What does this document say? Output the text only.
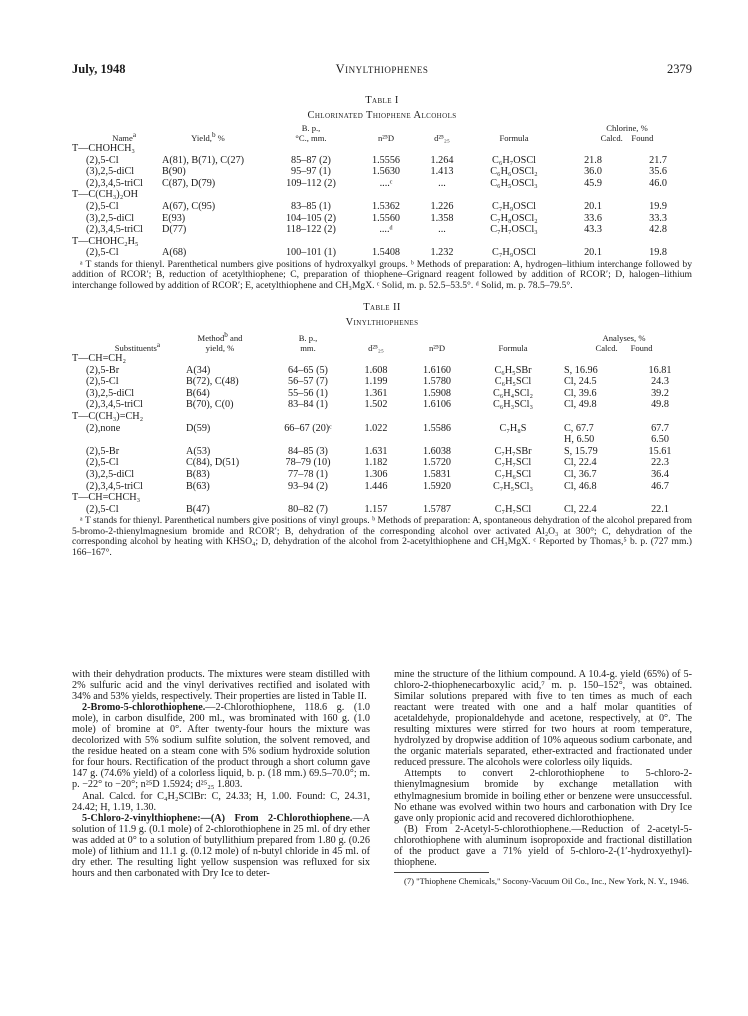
July, 1948	Vinylthiophenes	2379
Table I
Chlorinated Thiophene Alcohols
Name$^a$	Yield,$^b$ %	B. p.,
°C., mm.	n²⁵D	d²⁵₂₅	Formula	Chlorine, %
Calcd. Found	
T—CHOHCH₃							
(2),5-Cl	A(81), B(71), C(27)	85–87 (2)	1.5556	1.264	C₆H₇OSCl	21.8	21.7
(3),2,5-diCl	B(90)	95–97 (1)	1.5630	1.413	C₆H₆OSCl₂	36.0	35.6
(2),3,4,5-triCl	C(87), D(79)	109–112 (2)	....ᶜ	...	C₆H₅OSCl₃	45.9	46.0
T—C(CH₃)₂OH							
(2),5-Cl	A(67), C(95)	83–85 (1)	1.5362	1.226	C₇H₉OSCl	20.1	19.9
(3),2,5-diCl	E(93)	104–105 (2)	1.5560	1.358	C₇H₈OSCl₂	33.6	33.3
(2),3,4,5-triCl	D(77)	118–122 (2)	....ᵈ	...	C₇H₇OSCl₃	43.3	42.8
T—CHOHC₂H₅							
(2),5-Cl	A(68)	100–101 (1)	1.5408	1.232	C₇H₉OSCl	20.1	19.8
ᵃ T stands for thienyl. Parenthetical numbers give positions of hydroxyalkyl groups. ᵇ Methods of preparation: A, hydrogen–lithium interchange followed by addition of RCOR′; B, reduction of acetylthiophene; C, preparation of thiophene–Grignard reagent followed by addition of RCOR′; D, halogen–lithium interchange followed by addition of RCOR′; E, acetylthiophene and CH₃MgX. ᶜ Solid, m. p. 52.5–53.5°. ᵈ Solid, m. p. 78.5–79.5°.
Table II
Vinylthiophenes
Substituents$^a$	Method$^b$ and
yield, %	B. p.,
mm.	d²⁵₂₅	n²⁵D	Formula	Analyses, %
Calcd. Found	
T—CH=CH₂							
(2),5-Br	A(34)	64–65 (5)	1.608	1.6160	C₆H₅SBr	S, 16.96	16.81
(2),5-Cl	B(72), C(48)	56–57 (7)	1.199	1.5780	C₆H₅SCl	Cl, 24.5	24.3
(3),2,5-diCl	B(64)	55–56 (1)	1.361	1.5908	C₆H₄SCl₂	Cl, 39.6	39.2
(2),3,4,5-triCl	B(70), C(0)	83–84 (1)	1.502	1.6106	C₆H₃SCl₃	Cl, 49.8	49.8
T—C(CH₃)=CH₂							
(2),none	D(59)	66–67 (20)ᶜ	1.022	1.5586	C₇H₈S	C, 67.7	67.7
						H, 6.50	6.50
(2),5-Br	A(53)	84–85 (3)	1.631	1.6038	C₇H₇SBr	S, 15.79	15.61
(2),5-Cl	C(84), D(51)	78–79 (10)	1.182	1.5720	C₇H₇SCl	Cl, 22.4	22.3
(3),2,5-diCl	B(83)	77–78 (1)	1.306	1.5831	C₇H₆SCl	Cl, 36.7	36.4
(2),3,4,5-triCl	B(63)	93–94 (2)	1.446	1.5920	C₇H₅SCl₃	Cl, 46.8	46.7
T—CH=CHCH₃							
(2),5-Cl	B(47)	80–82 (7)	1.157	1.5787	C₇H₇SCl	Cl, 22.4	22.1
ᵃ T stands for thienyl. Parenthetical numbers give positions of vinyl groups. ᵇ Methods of preparation: A, spontaneous dehydration of the alcohol prepared from 5-bromo-2-thienylmagnesium bromide and RCOR′; B, dehydration of the corresponding alcohol over activated Al₂O₃ at 300°; C, dehydration of the corresponding alcohol by heating with KHSO₄; D, dehydration of the alcohol from 2-acetylthiophene and CH₃MgX. ᶜ Reported by Thomas,⁵ b. p. (727 mm.) 166–167°.

with their dehydration products. The mixtures were steam distilled with 2% sulfuric acid and the vinyl derivatives rectified and isolated with 34% and 53% yields, respectively. Their properties are listed in Table II.

2-Bromo-5-chlorothiophene.—2-Chlorothiophene, 118.6 g. (1.0 mole), in carbon disulfide, 200 ml., was brominated with 160 g. (1.0 mole) of bromine at 0°. After twenty-four hours the mixture was decolorized with 5% sodium sulfite solution, the solvent removed, and the residue heated on a steam cone with 5% sodium hydroxide solution for four hours. Rectification of the product through a short column gave 147 g. (74.6% yield) of a colorless liquid, b. p. (18 mm.) 69.5–70.0°; m. p. −22° to −20°; n²⁵D 1.5924; d²⁵₂₅ 1.803.

Anal. Calcd. for C₄H₂SClBr: C, 24.33; H, 1.00. Found: C, 24.31, 24.42; H, 1.19, 1.30.

5-Chloro-2-vinylthiophene:—(A) From 2-Chlorothiophene.—A solution of 11.9 g. (0.1 mole) of 2-chlorothiophene in 25 ml. of dry ether was added at 0° to a solution of butyllithium prepared from 1.80 g. (0.26 mole) of lithium and 11.1 g. (0.12 mole) of n-butyl chloride in 45 ml. of dry ether. The resulting light yellow suspension was refluxed for six hours and then carbonated with Dry Ice to deter-

mine the structure of the lithium compound. A 10.4-g. yield (65%) of 5-chloro-2-thiophenecarboxylic acid,⁷ m. p. 150–152°, was obtained. Similar solutions prepared with five to ten times as much of each reactant were treated with one and a half molar quantities of acetaldehyde, propionaldehyde and acetone, respectively, at 0°. The resulting mixtures were stirred for two hours at room temperature, hydrolyzed by dropwise addition of 10% aqueous sodium carbonate, and the organic materials separated, ether-extracted and fractionated under reduced pressure. The alcohols were colorless oily liquids.

Attempts to convert 2-chlorothiophene to 5-chloro-2-thienylmagnesium bromide by exchange metallation with ethylmagnesium bromide in boiling ether or benzene were unsuccessful. No ethane was evolved within two hours and carbonation with Dry Ice gave only propionic acid and recovered dichlorothiophene.

(B) From 2-Acetyl-5-chlorothiophene.—Reduction of 2-acetyl-5-chlorothiophene with aluminum isopropoxide and fractional distillation of the product gave a 71% yield of 5-chloro-2-(1′-hydroxyethyl)-thiophene.

(7) "Thiophene Chemicals," Socony-Vacuum Oil Co., Inc., New York, N. Y., 1946.
